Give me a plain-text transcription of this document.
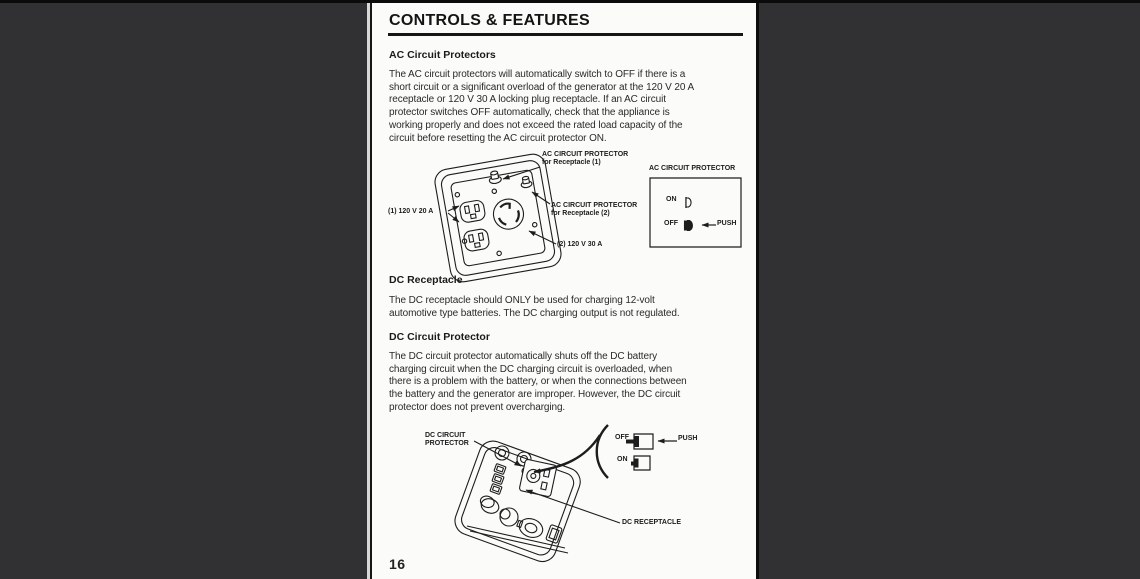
CONTROLS & FEATURES
AC Circuit Protectors
The AC circuit protectors will automatically switch to OFF if there is a
short circuit or a significant overload of the generator at the 120 V 20 A
receptacle or 120 V 30 A locking plug receptacle. If an AC circuit
protector switches OFF automatically, check that the appliance is
working properly and does not exceed the rated load capacity of the
circuit before resetting the AC circuit protector ON.
AC CIRCUIT PROTECTOR
for Receptacle (1)
(1) 120 V 20 A
AC CIRCUIT PROTECTOR
for Receptacle (2)
(2) 120 V 30 A
AC CIRCUIT PROTECTOR
ON
OFF	PUSH
DC Receptacle
The DC receptacle should ONLY be used for charging 12-volt
automotive type batteries. The DC charging output is not regulated.
DC Circuit Protector
The DC circuit protector automatically shuts off the DC battery
charging circuit when the DC charging circuit is overloaded, when
there is a problem with the battery, or when the connections between
the battery and the generator are improper. However, the DC circuit
protector does not prevent overcharging.
DC CIRCUIT
PROTECTOR
OFF	PUSH
ON
DC RECEPTACLE
16
